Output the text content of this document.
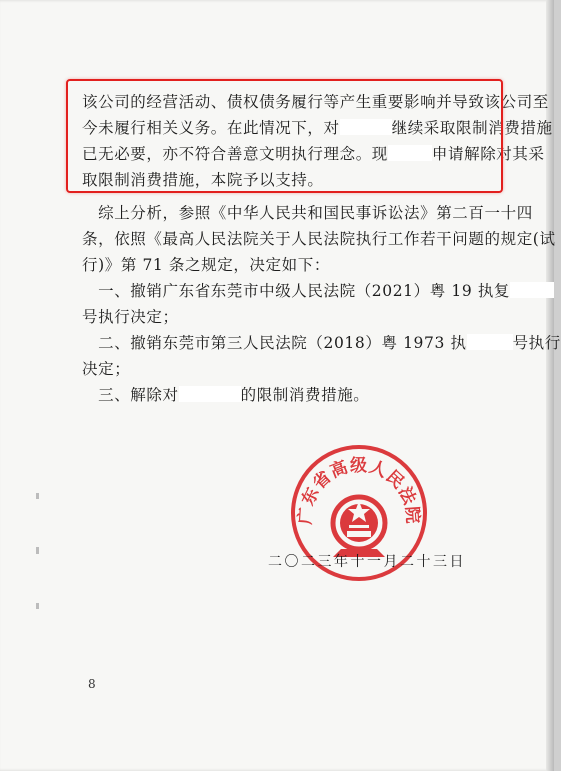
该公司的经营活动、债权债务履行等产生重要影响并导致该公司至
今未履行相关义务。在此情况下，对	继续采取限制消费措施
已无必要，亦不符合善意文明执行理念。现	申请解除对其采
取限制消费措施，本院予以支持。
　综上分析，参照《中华人民共和国民事诉讼法》第二百一十四
条，依照《最高人民法院关于人民法院执行工作若干问题的规定(试
行)》第 71 条之规定，决定如下：
　一、撤销广东省东莞市中级人民法院（2021）粤 19 执复
号执行决定；
　二、撤销东莞市第三人民法院（2018）粤 1973 执	号执行
决定；
　三、解除对	的限制消费措施。
广东省高级人民法院
二〇二三年十一月二十三日
8
